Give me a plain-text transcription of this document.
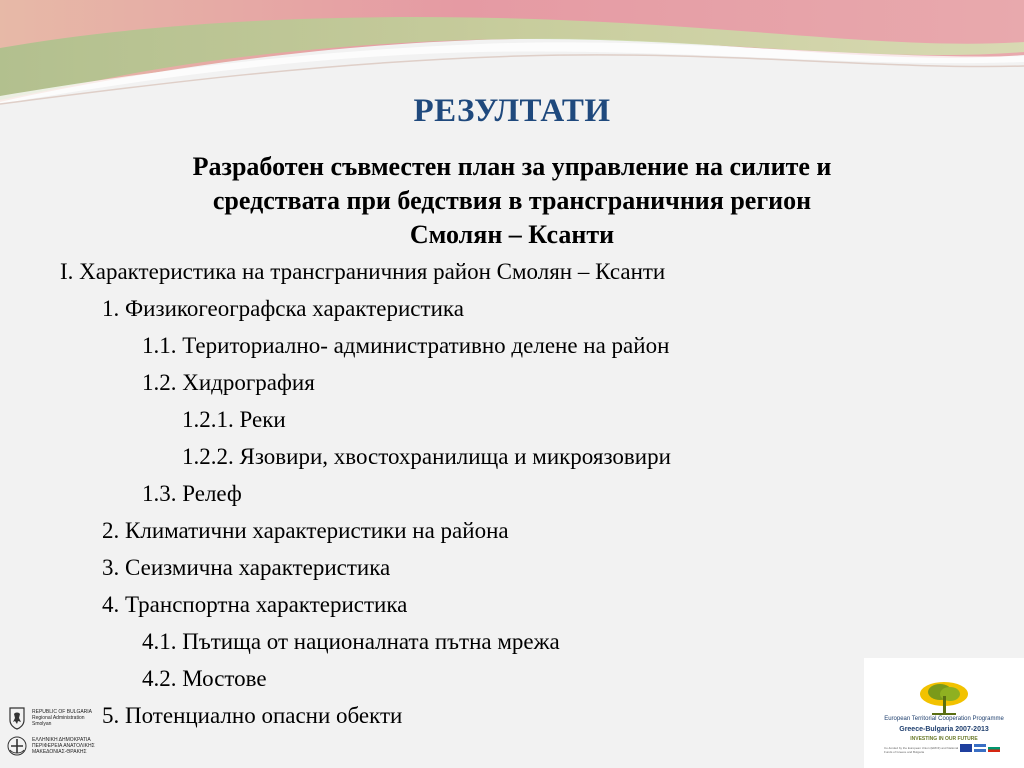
РЕЗУЛТАТИ
Разработен съвместен план за управление на силите и
средствата при бедствия в трансграничния регион
Смолян – Ксанти
I. Характеристика на трансграничния район Смолян – Ксанти
1. Физикогеографска характеристика
1.1. Териториално- административно делене на район
1.2. Хидрография
1.2.1. Реки
1.2.2. Язовири, хвостохранилища и микроязовири
1.3. Релеф
2. Климатични характеристики на района
3. Сеизмична характеристика
4. Транспортна характеристика
4.1. Пътища от националната пътна мрежа
4.2. Мостове
5. Потенциално опасни обекти
REPUBLIC OF BULGARIA
Regional Administration
Smolyan
ΕΛΛΗΝΙΚΗ ΔΗΜΟΚΡΑΤΙΑ
ΠΕΡΙΦΕΡΕΙΑ ΑΝΑΤΟΛΙΚΗΣ
ΜΑΚΕΔΟΝΙΑΣ-ΘΡΑΚΗΣ
European Territorial Cooperation Programme
Greece-Bulgaria 2007-2013
INVESTING IN OUR FUTURE
Co-funded by the European Union (ERDF) and National Funds of Greece and Bulgaria
